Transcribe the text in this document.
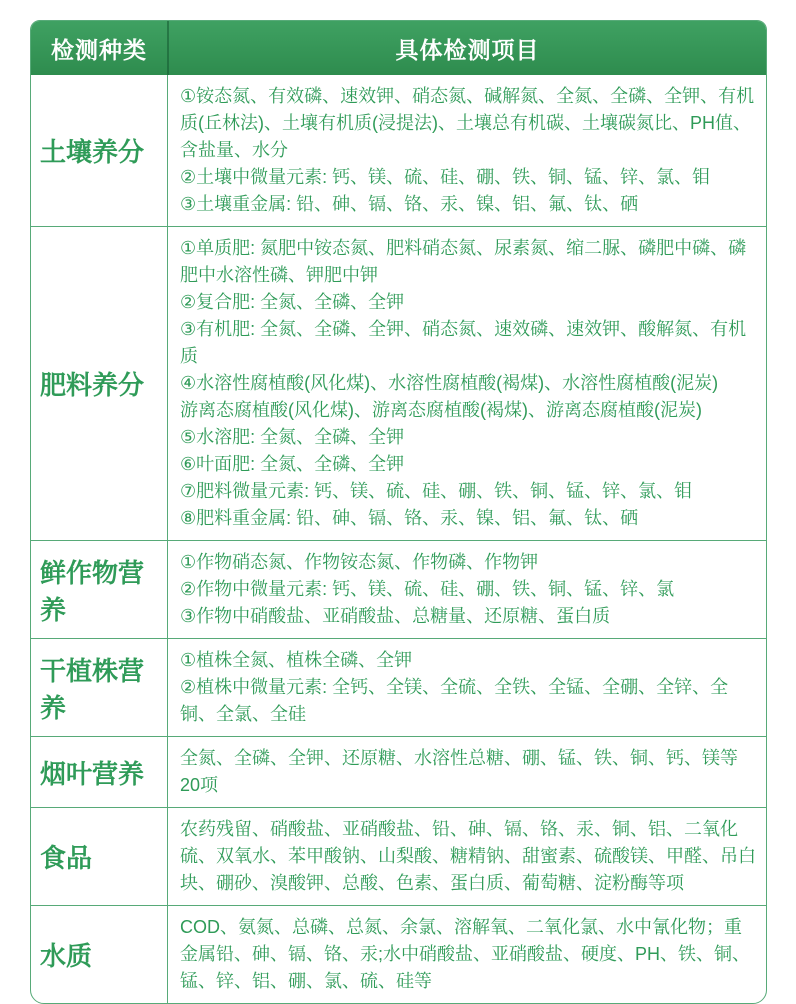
检测种类	具体检测项目
土壤养分

①铵态氮、有效磷、速效钾、硝态氮、碱解氮、全氮、全磷、全钾、有机质(丘林法)、土壤有机质(浸提法)、土壤总有机碳、土壤碳氮比、PH值、含盐量、水分

②土壤中微量元素: 钙、镁、硫、硅、硼、铁、铜、锰、锌、氯、钼

③土壤重金属: 铅、砷、镉、铬、汞、镍、铝、氟、钛、硒

肥料养分

①单质肥: 氮肥中铵态氮、肥料硝态氮、尿素氮、缩二脲、磷肥中磷、磷肥中水溶性磷、钾肥中钾

②复合肥: 全氮、全磷、全钾

③有机肥: 全氮、全磷、全钾、硝态氮、速效磷、速效钾、酸解氮、有机质

④水溶性腐植酸(风化煤)、水溶性腐植酸(褐煤)、水溶性腐植酸(泥炭)

游离态腐植酸(风化煤)、游离态腐植酸(褐煤)、游离态腐植酸(泥炭)

⑤水溶肥: 全氮、全磷、全钾

⑥叶面肥: 全氮、全磷、全钾

⑦肥料微量元素: 钙、镁、硫、硅、硼、铁、铜、锰、锌、氯、钼

⑧肥料重金属: 铅、砷、镉、铬、汞、镍、铝、氟、钛、硒

鲜作物营养

①作物硝态氮、作物铵态氮、作物磷、作物钾

②作物中微量元素: 钙、镁、硫、硅、硼、铁、铜、锰、锌、氯

③作物中硝酸盐、亚硝酸盐、总糖量、还原糖、蛋白质

干植株营养

①植株全氮、植株全磷、全钾

②植株中微量元素: 全钙、全镁、全硫、全铁、全锰、全硼、全锌、全铜、全氯、全硅

烟叶营养

全氮、全磷、全钾、还原糖、水溶性总糖、硼、锰、铁、铜、钙、镁等20项

食品

农药残留、硝酸盐、亚硝酸盐、铅、砷、镉、铬、汞、铜、铝、二氧化硫、双氧水、苯甲酸钠、山梨酸、糖精钠、甜蜜素、硫酸镁、甲醛、吊白块、硼砂、溴酸钾、总酸、色素、蛋白质、葡萄糖、淀粉酶等项

水质

COD、氨氮、总磷、总氮、余氯、溶解氧、二氧化氯、水中氰化物；重金属铅、砷、镉、铬、汞;水中硝酸盐、亚硝酸盐、硬度、PH、铁、铜、锰、锌、铝、硼、氯、硫、硅等
